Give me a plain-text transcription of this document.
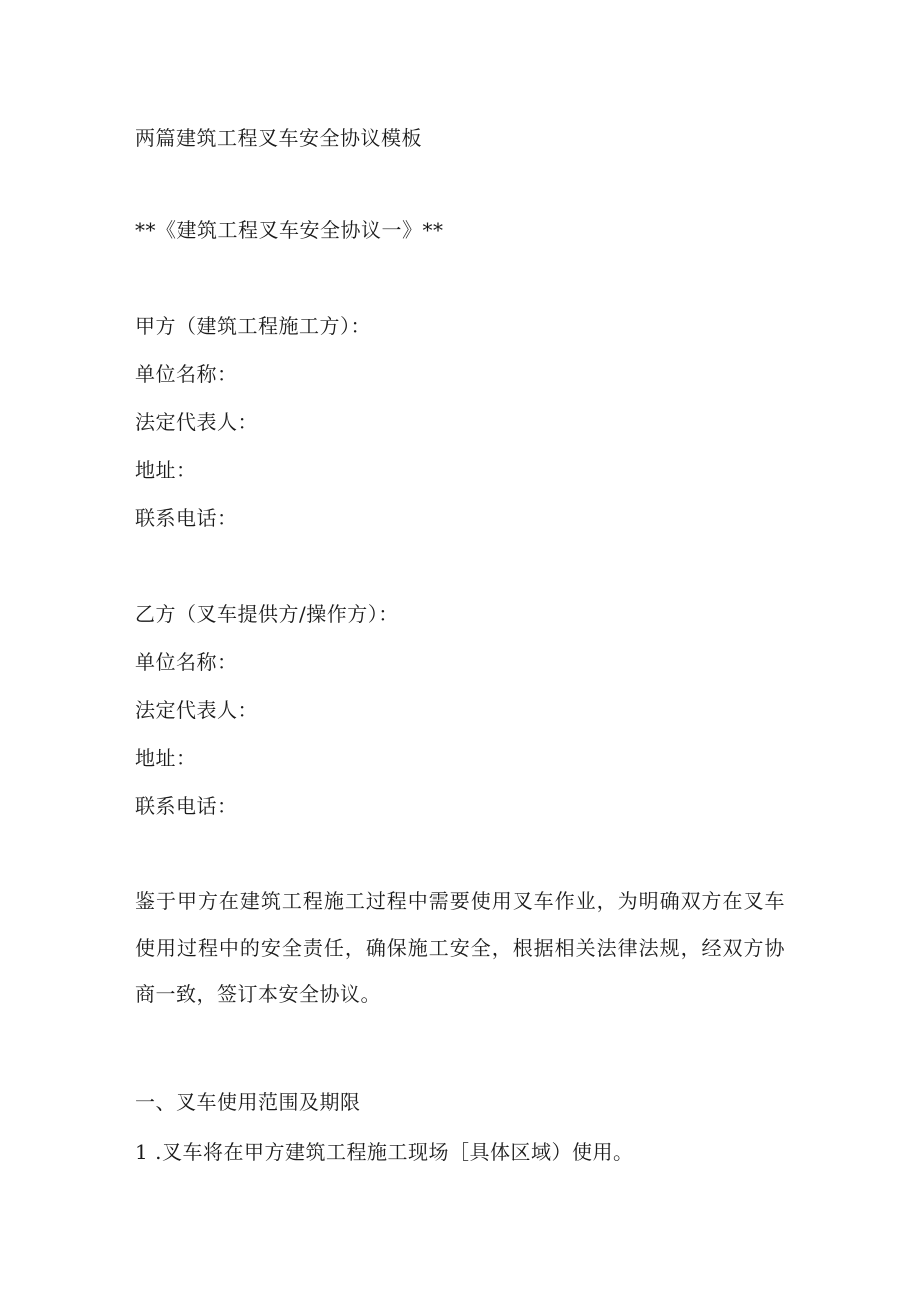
两篇建筑工程叉车安全协议模板
**《建筑工程叉车安全协议一》**
甲方（建筑工程施工方）：
单位名称：
法定代表人：
地址：
联系电话：
乙方（叉车提供方/操作方）：
单位名称：
法定代表人：
地址：
联系电话：
鉴于甲方在建筑工程施工过程中需要使用叉车作业，为明确双方在叉车使用过程中的安全责任，确保施工安全，根据相关法律法规，经双方协商一致，签订本安全协议。
一、叉车使用范围及期限
1 .叉车将在甲方建筑工程施工现场［具体区域）使用。
